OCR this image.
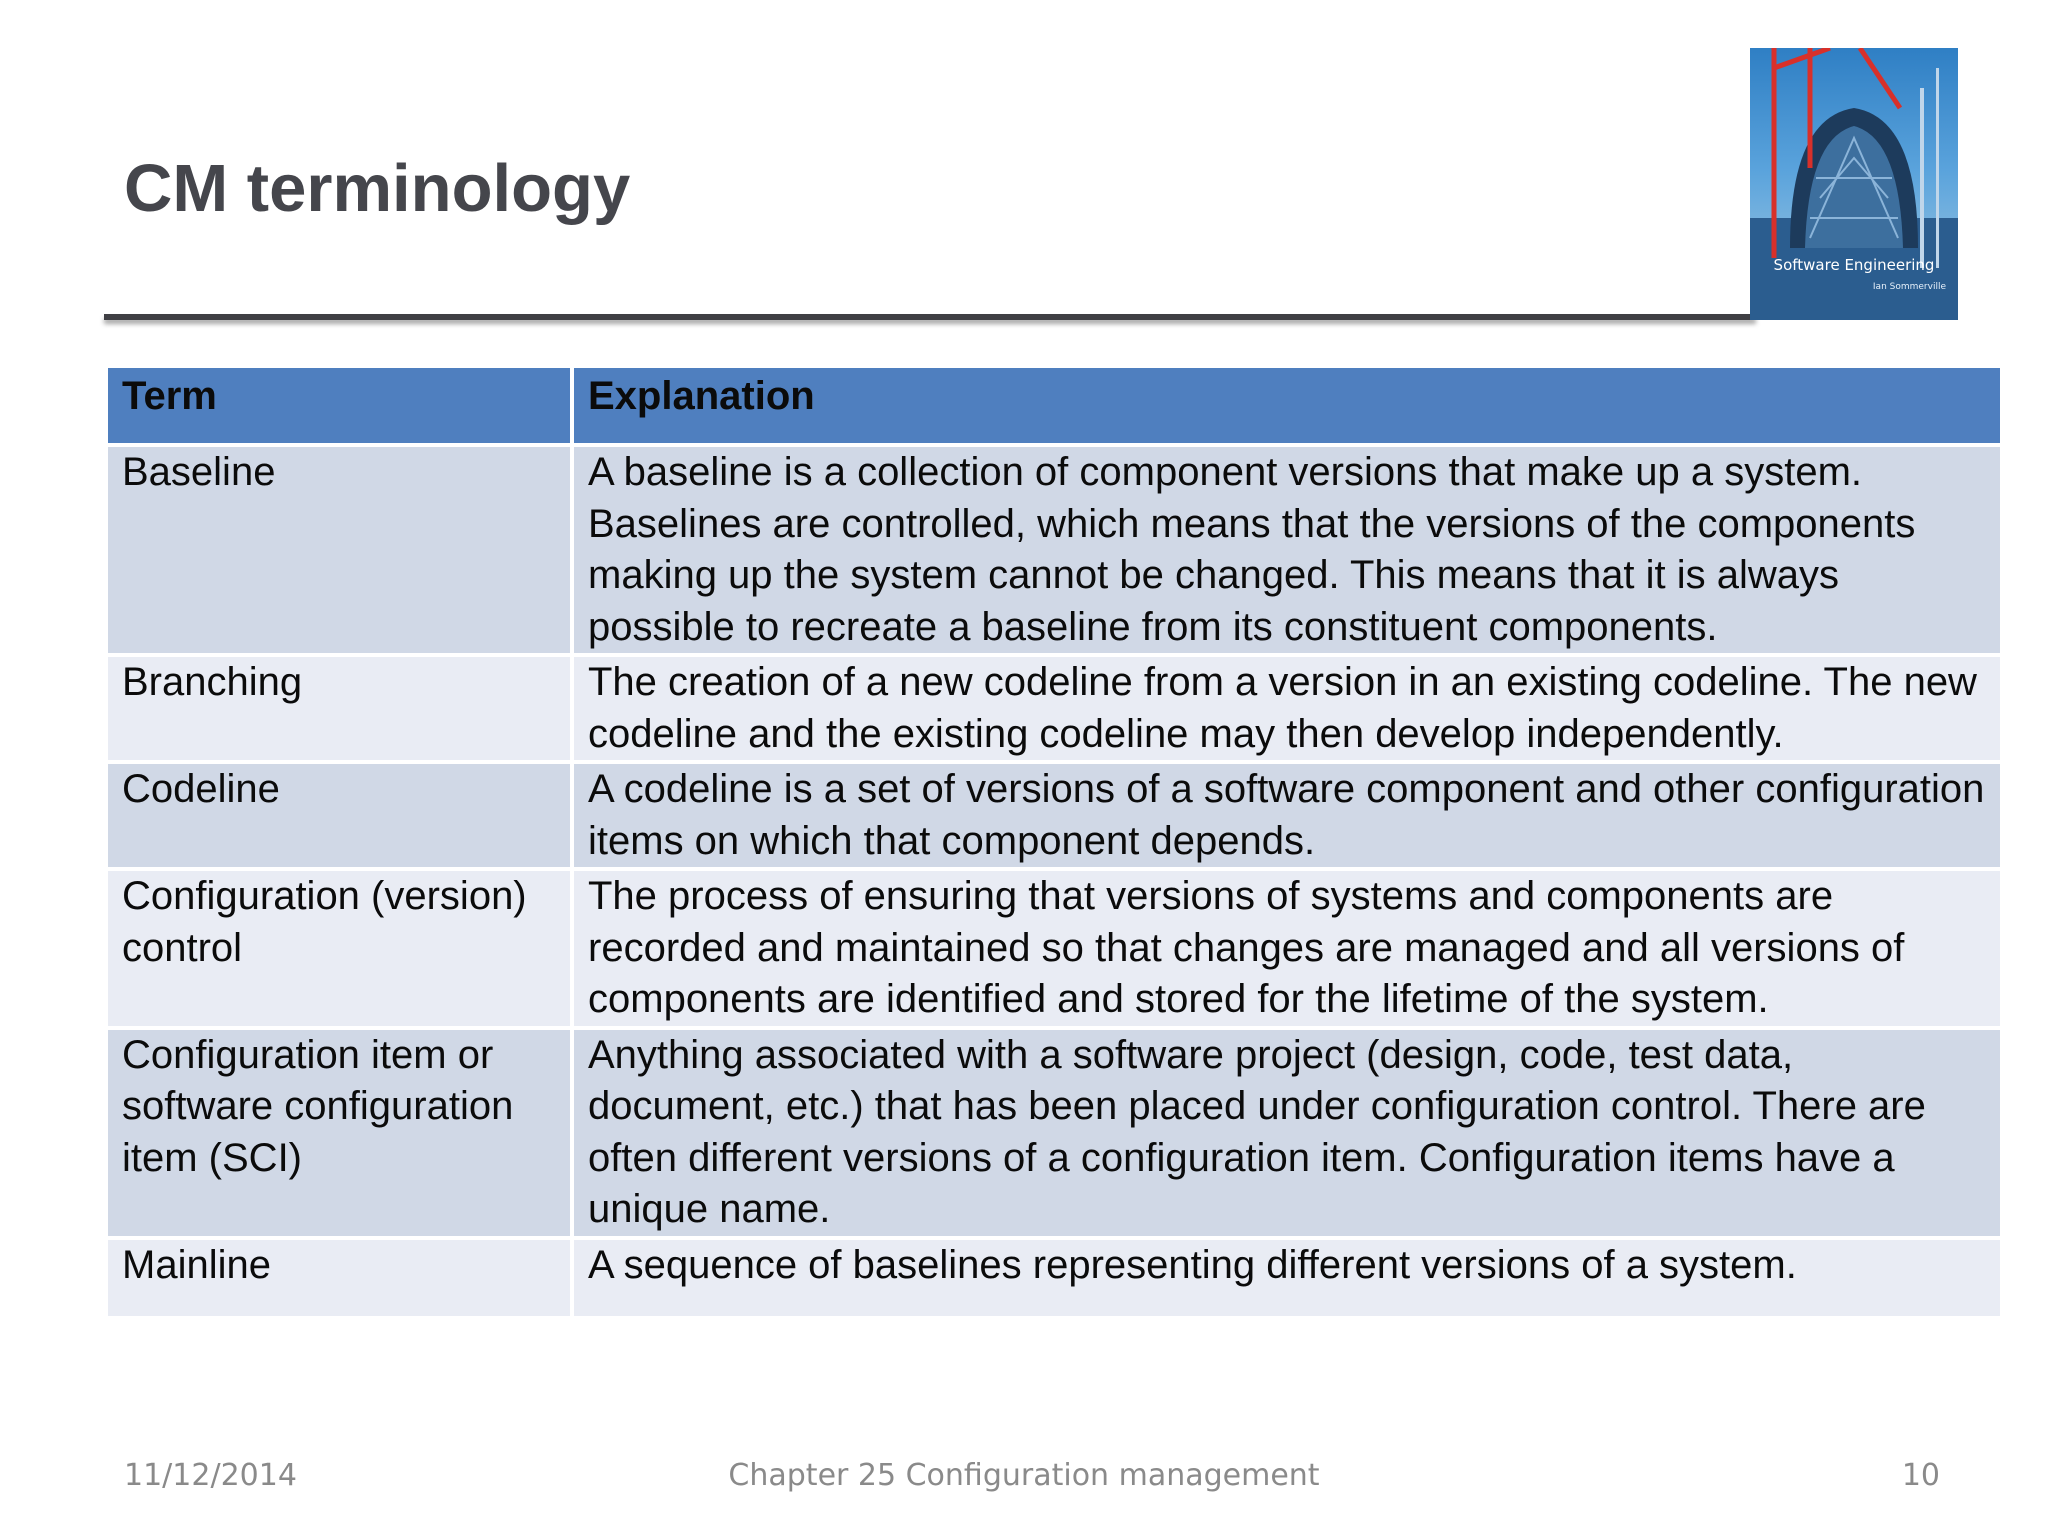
CM terminology
Software Engineering
Ian Sommerville
Term	Explanation
Baseline	A baseline is a collection of component versions that make up a system. Baselines are controlled, which means that the versions of the components making up the system cannot be changed. This means that it is always possible to recreate a baseline from its constituent components.
Branching	The creation of a new codeline from a version in an existing codeline. The new codeline and the existing codeline may then develop independently.
Codeline	A codeline is a set of versions of a software component and other configuration items on which that component depends.
Configuration (version) control	The process of ensuring that versions of systems and components are recorded and maintained so that changes are managed and all versions of components are identified and stored for the lifetime of the system.
Configuration item or software configuration item (SCI)	Anything associated with a software project (design, code, test data, document, etc.) that has been placed under configuration control. There are often different versions of a configuration item. Configuration items have a unique name.
Mainline	A sequence of baselines representing different versions of a system.
11/12/2014	Chapter 25 Configuration management	10
